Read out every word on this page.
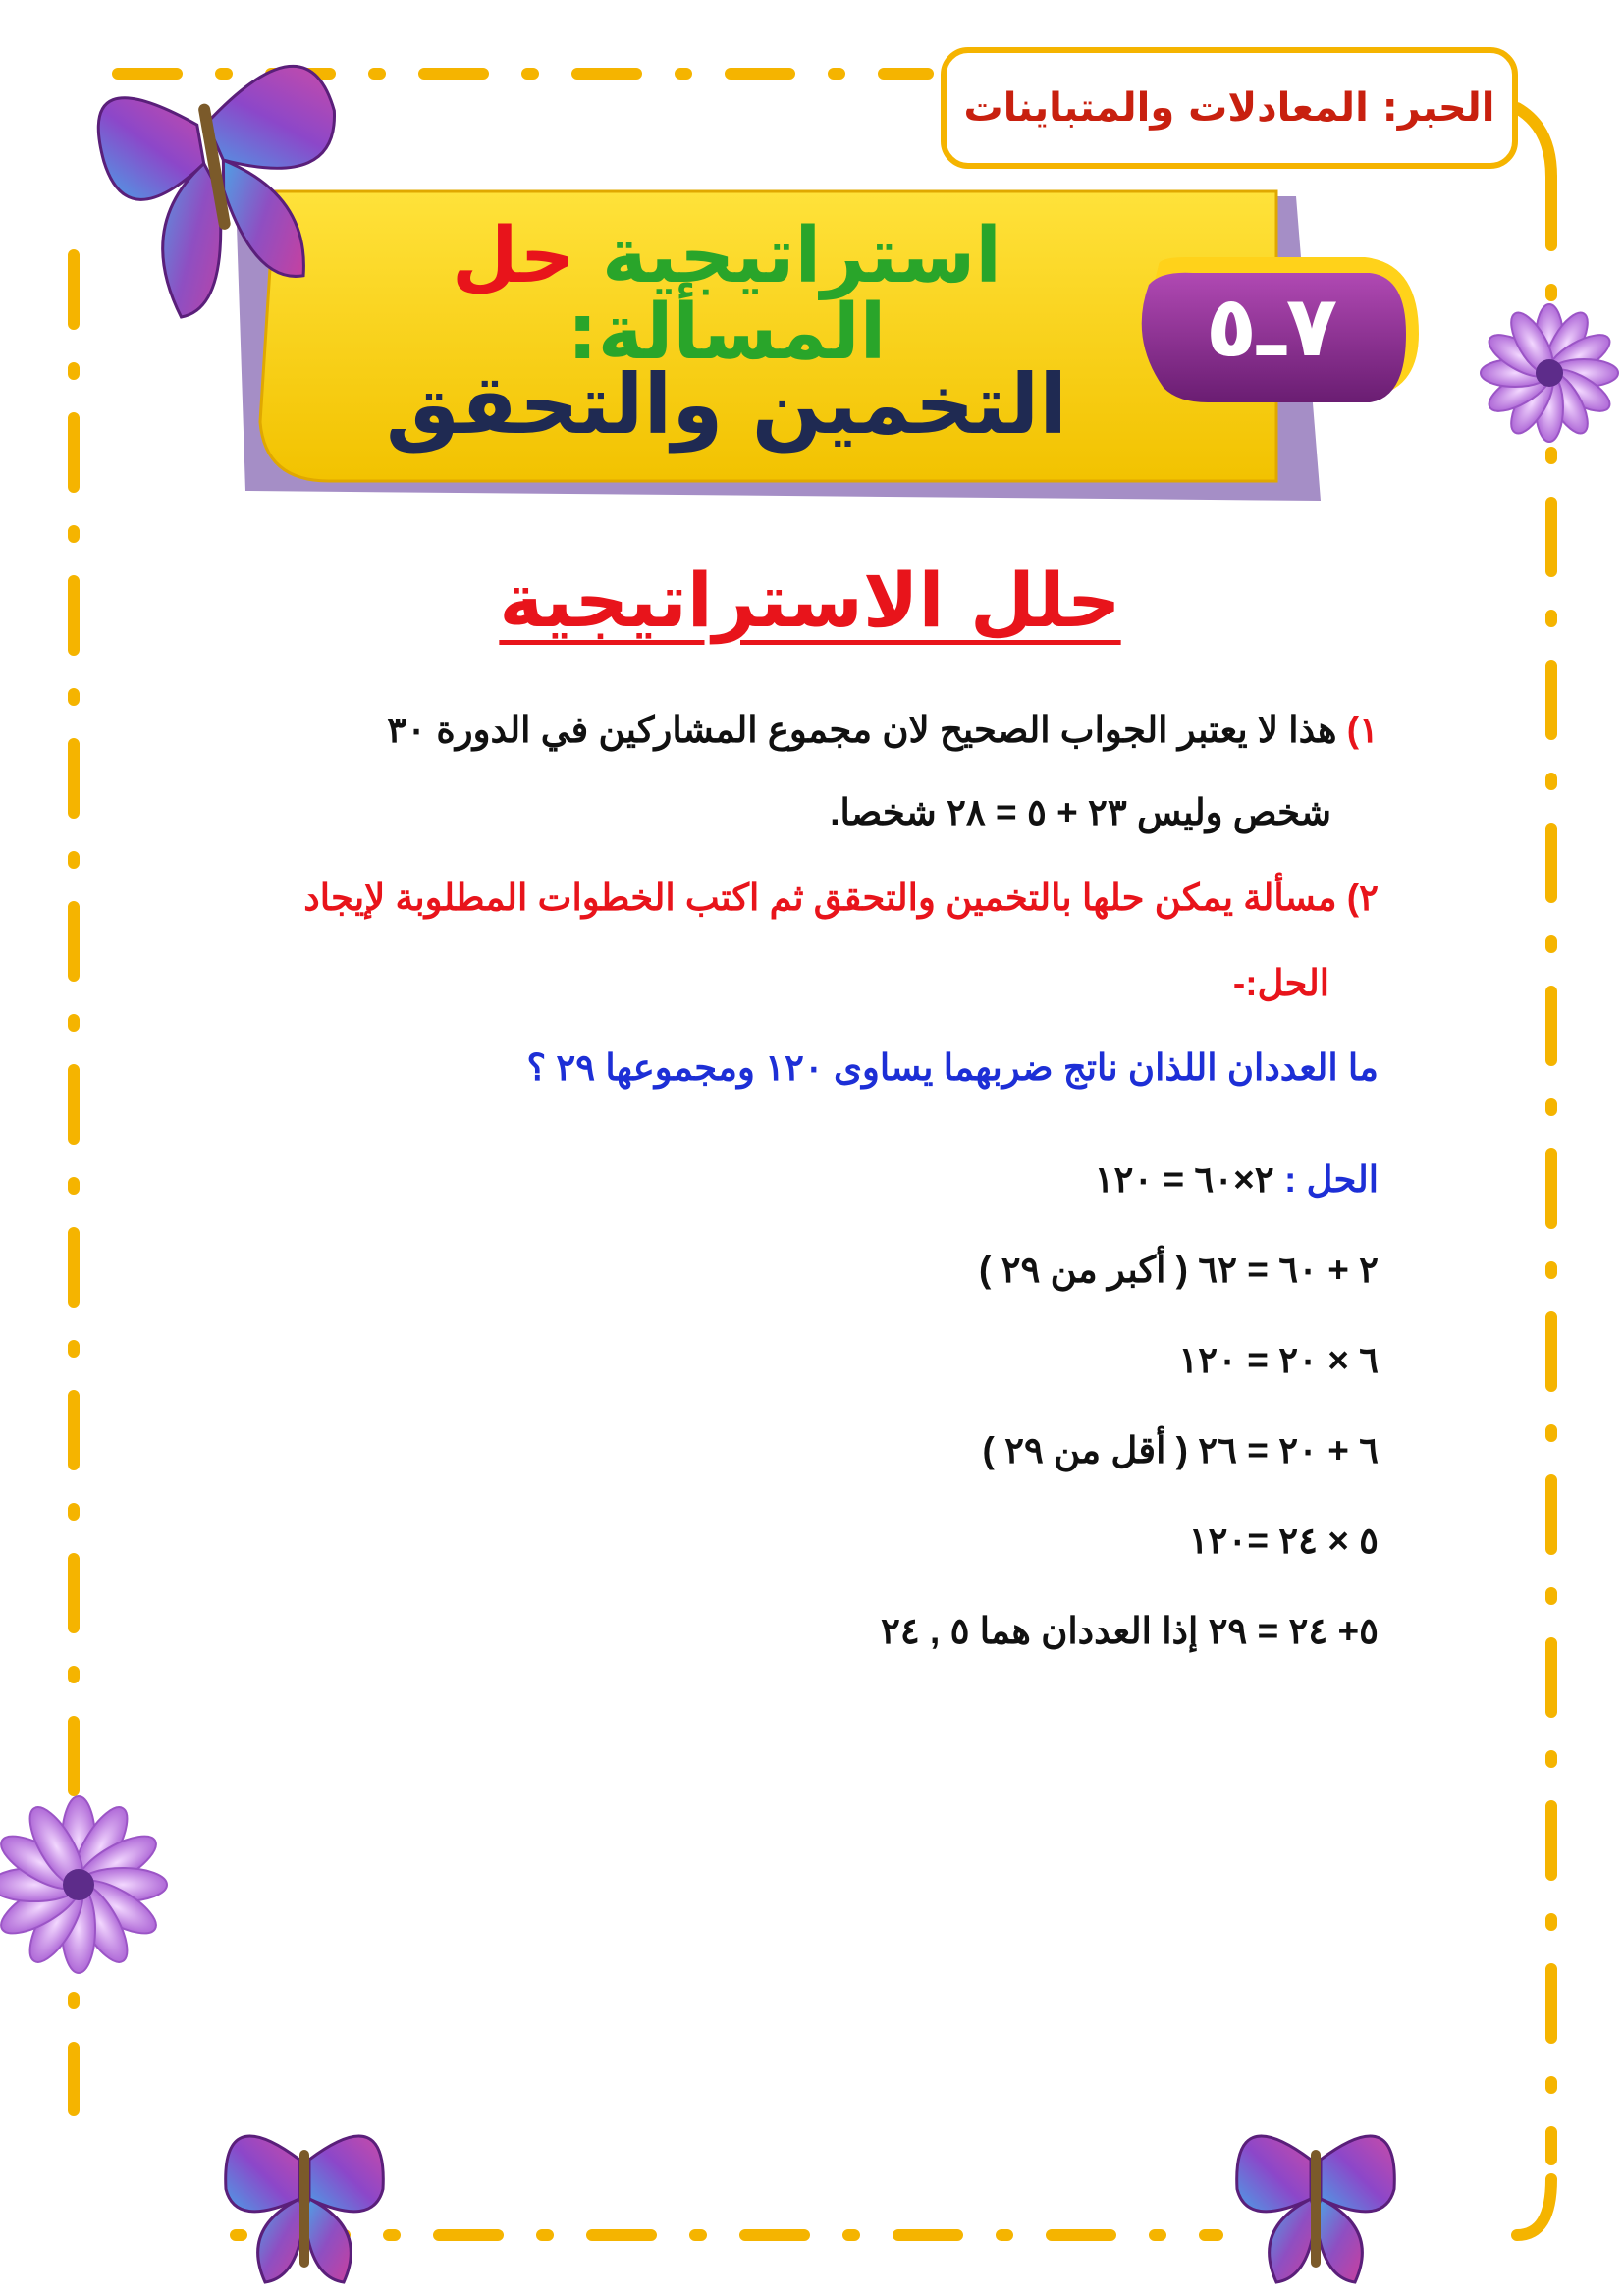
الحبر: المعادلات والمتباينات
استراتيجية حل المسألة:
التخمين والتحقق
٧ـ٥
حلل الاستراتيجية
١) هذا لا يعتبر الجواب الصحيح لان مجموع المشاركين في الدورة ٣٠
شخص وليس ٢٣ + ٥ = ٢٨ شخصا.
٢) مسألة يمكن حلها بالتخمين والتحقق ثم اكتب الخطوات المطلوبة لإيجاد
الحل:-
ما العددان اللذان ناتج ضربهما يساوى ١٢٠ ومجموعها ٢٩ ؟
الحل : ٢×٦٠ = ١٢٠
٢ + ٦٠ = ٦٢ ( أكبر من ٢٩ )
٦ × ٢٠ = ١٢٠
٦ + ٢٠ = ٢٦ ( أقل من ٢٩ )
٥ × ٢٤ =١٢٠
٥+ ٢٤ = ٢٩ إذا العددان هما ٥ , ٢٤
